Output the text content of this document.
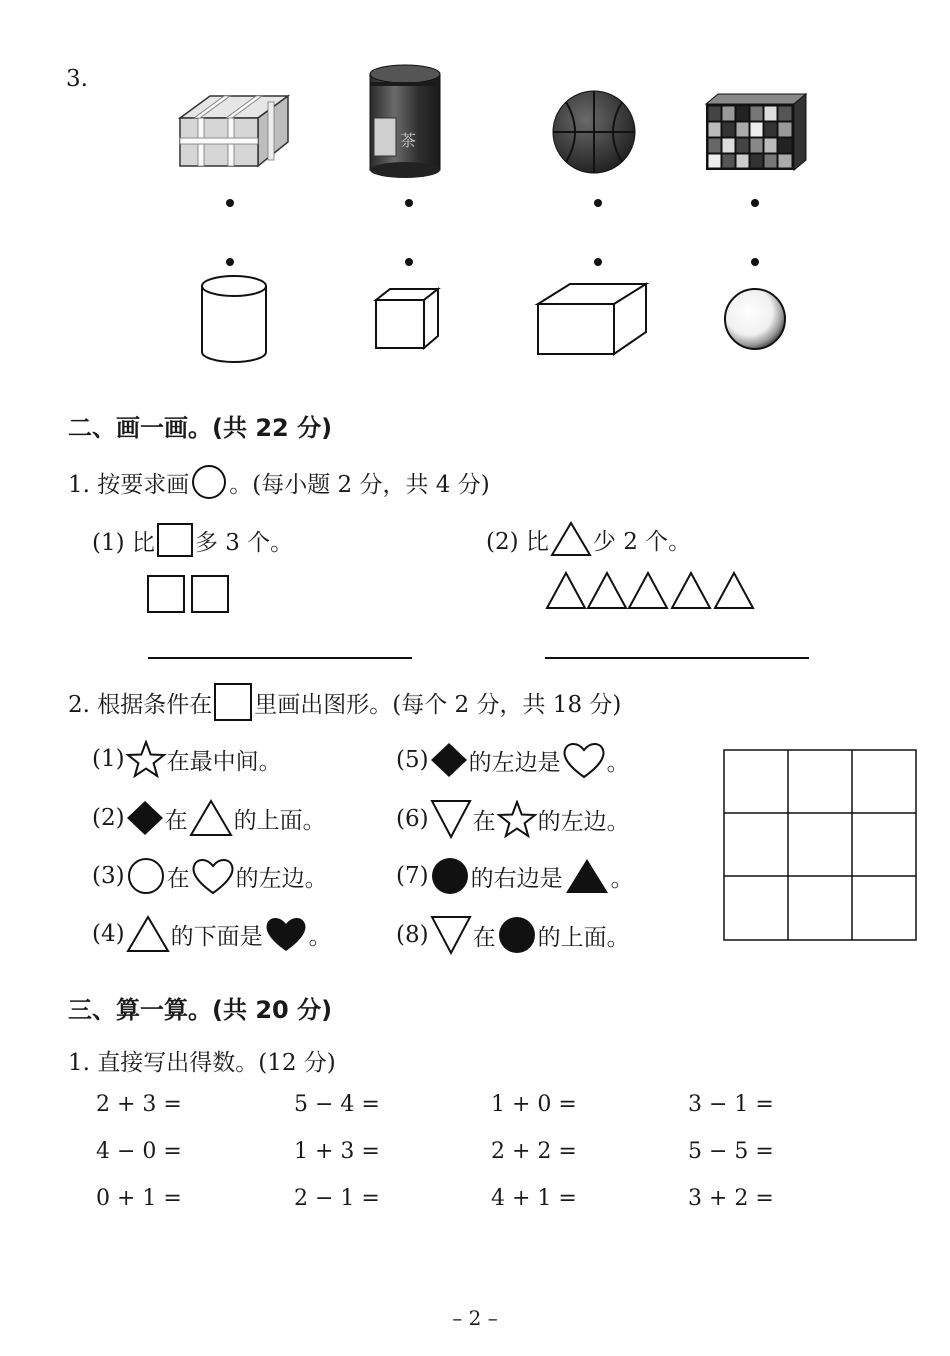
3.
茶
二、画一画。(共 22 分)
1. 按要求画 。(每小题 2 分，共 4 分)
(1) 比 多 3 个。	(2) 比 少 2 个。
2. 根据条件在 里画出图形。(每个 2 分，共 18 分)
(1) 在最中间。
(2) 在 的上面。
(3) 在 的左边。
(4) 的下面是 。
(5) 的左边是 。
(6) 在 的左边。
(7) 的右边是 。
(8) 在 的上面。
三、算一算。(共 20 分)
1. 直接写出得数。(12 分)
2 + 3 =	5 − 4 =	1 + 0 =	3 − 1 =
4 − 0 =	1 + 3 =	2 + 2 =	5 − 5 =
0 + 1 =	2 − 1 =	4 + 1 =	3 + 2 =
– 2 –
